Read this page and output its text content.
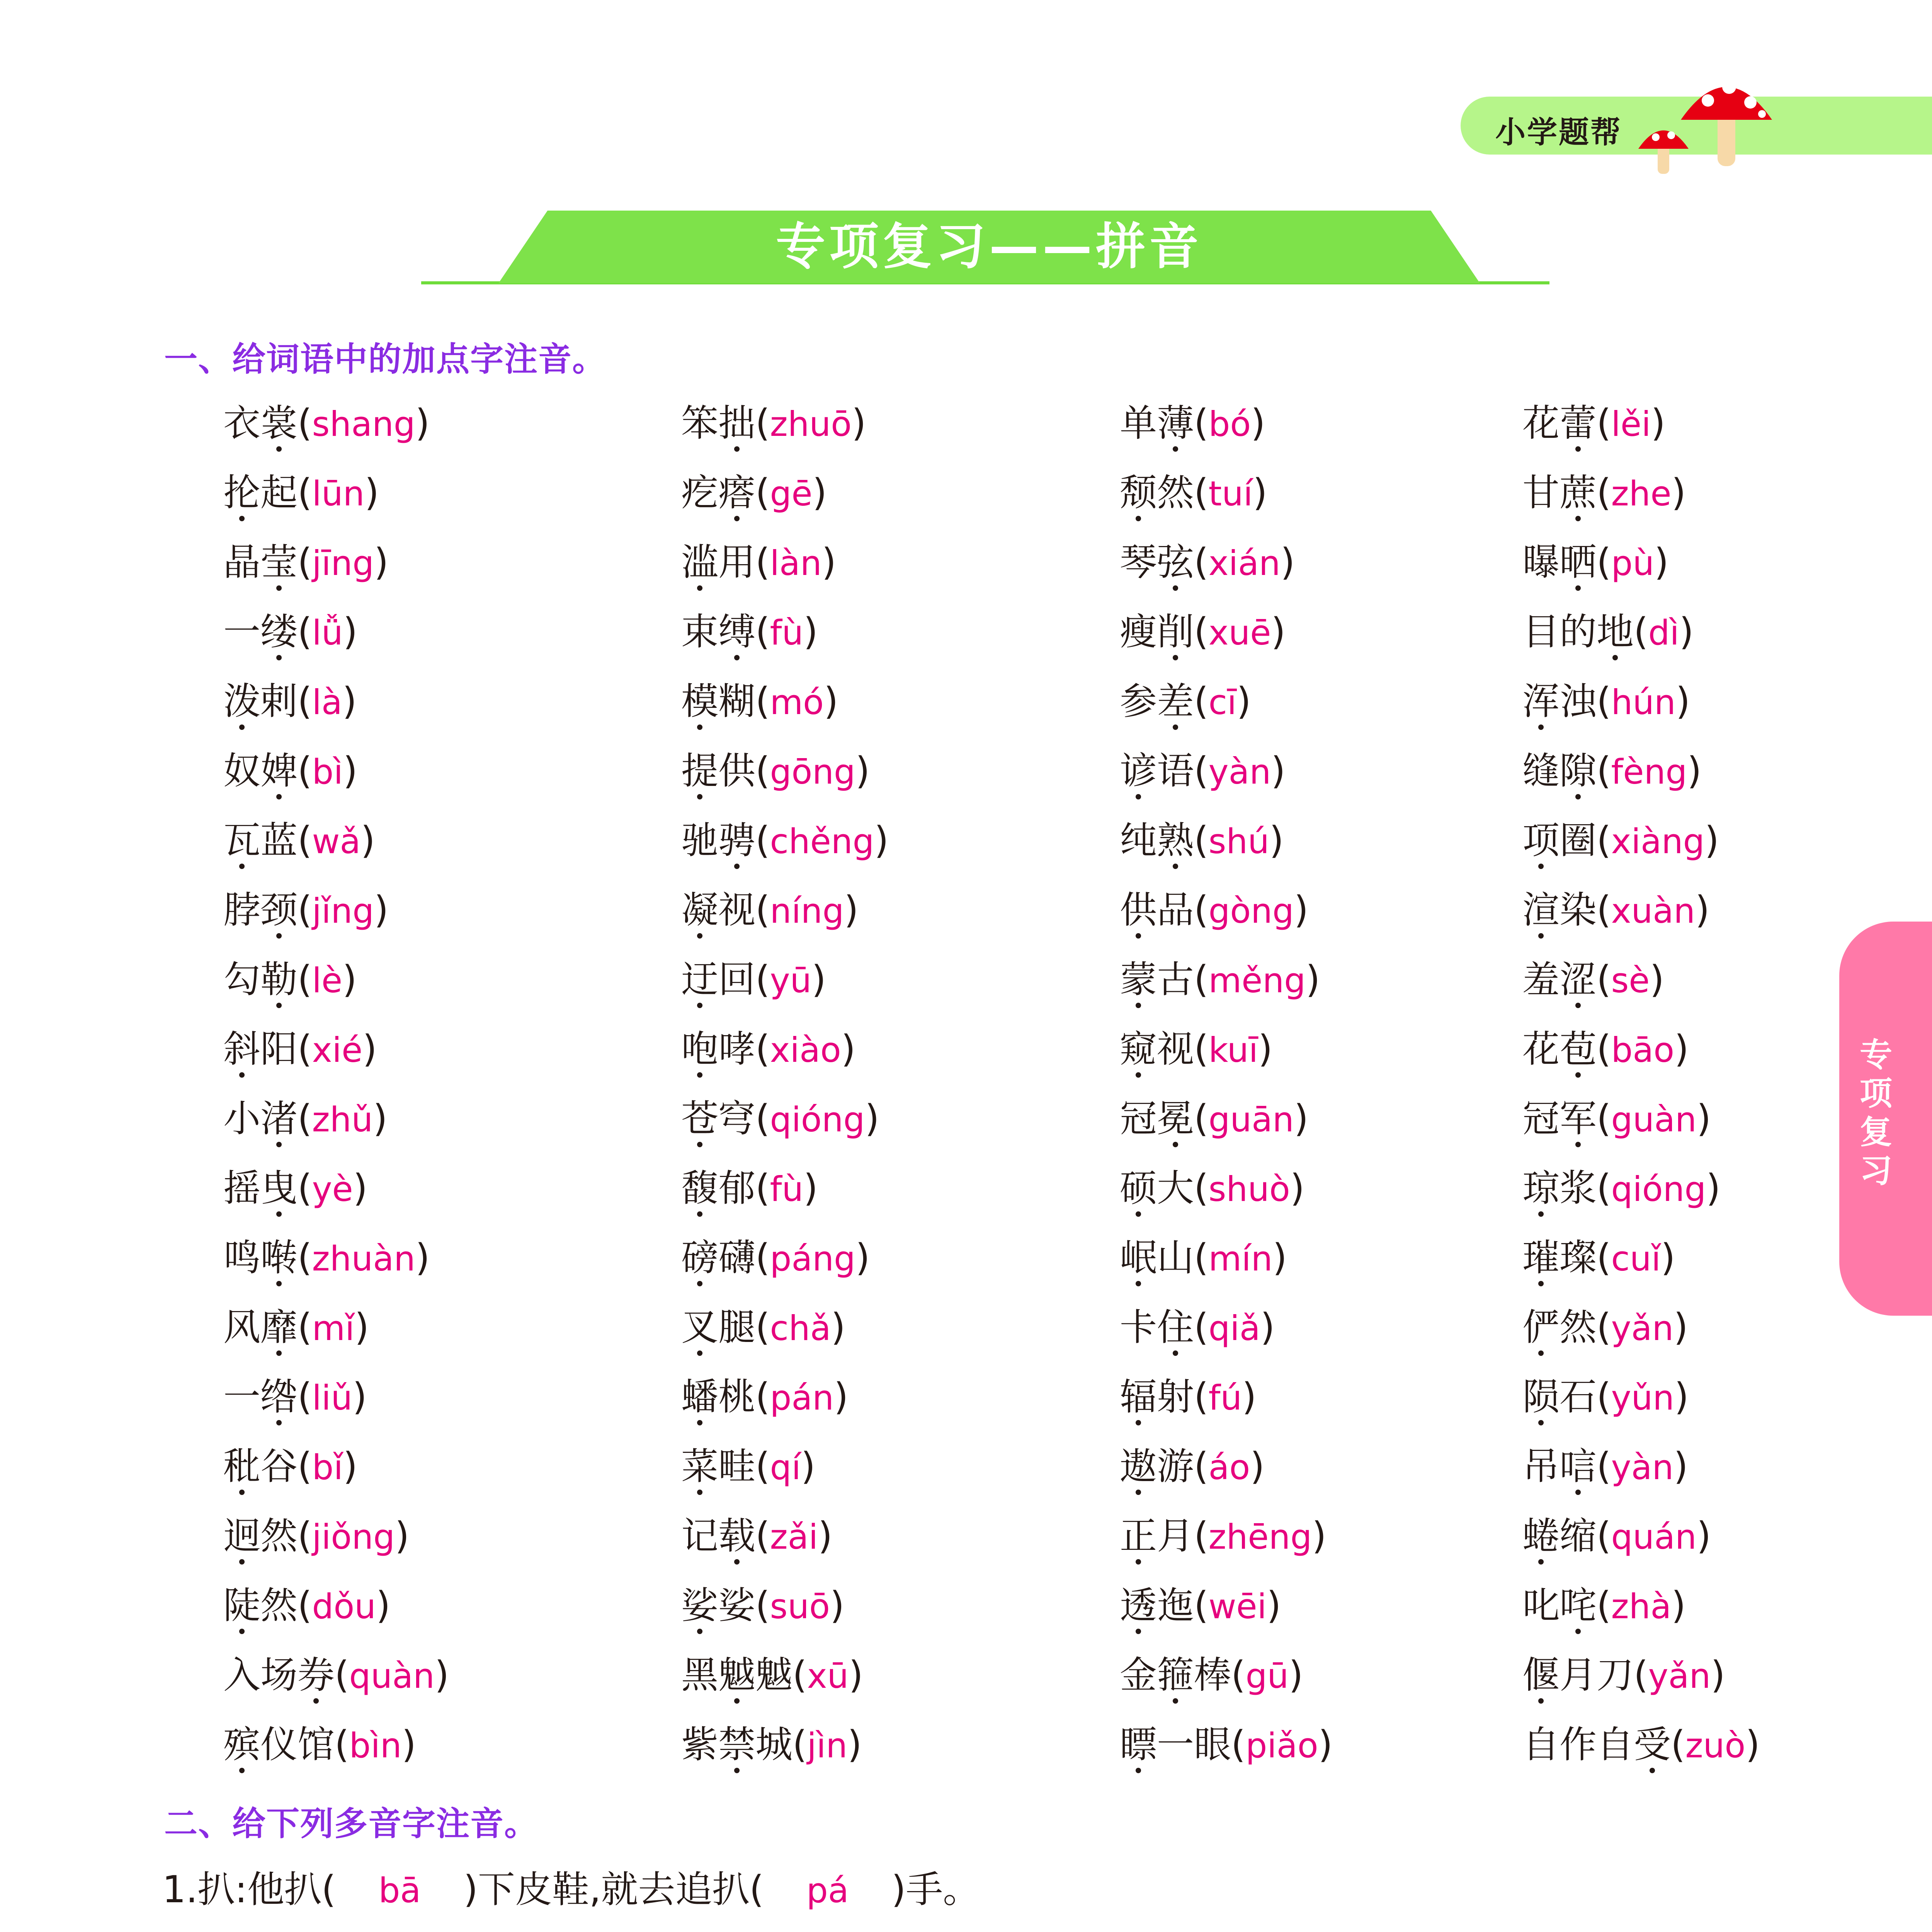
小学题帮
专项复习——拼音
专项复习
一、给词语中的加点字注音。
衣裳(shang)
抡起(lūn)
晶莹(jīng)
一缕(lǚ)
泼剌(là)
奴婢(bì)
瓦蓝(wǎ)
脖颈(jǐng)
勾勒(lè)
斜阳(xié)
小渚(zhǔ)
摇曳(yè)
鸣啭(zhuàn)
风靡(mǐ)
一绺(liǔ)
秕谷(bǐ)
迥然(jiǒng)
陡然(dǒu)
入场券(quàn)
殡仪馆(bìn)
笨拙(zhuō)
疙瘩(gē)
滥用(làn)
束缚(fù)
模糊(mó)
提供(gōng)
驰骋(chěng)
凝视(níng)
迂回(yū)
咆哮(xiào)
苍穹(qióng)
馥郁(fù)
磅礴(páng)
叉腿(chǎ)
蟠桃(pán)
菜畦(qí)
记载(zǎi)
娑娑(suō)
黑魆魆(xū)
紫禁城(jìn)
单薄(bó)
颓然(tuí)
琴弦(xián)
瘦削(xuē)
参差(cī)
谚语(yàn)
纯熟(shú)
供品(gòng)
蒙古(měng)
窥视(kuī)
冠冕(guān)
硕大(shuò)
岷山(mín)
卡住(qiǎ)
辐射(fú)
遨游(áo)
正月(zhēng)
透迤(wēi)
金箍棒(gū)
瞟一眼(piǎo)
花蕾(lěi)
甘蔗(zhe)
曝晒(pù)
目的地(dì)
浑浊(hún)
缝隙(fèng)
项圈(xiàng)
渲染(xuàn)
羞涩(sè)
花苞(bāo)
冠军(guàn)
琼浆(qióng)
璀璨(cuǐ)
俨然(yǎn)
陨石(yǔn)
吊唁(yàn)
蜷缩(quán)
叱咤(zhà)
偃月刀(yǎn)
自作自受(zuò)
二、给下列多音字注音。
1.扒:他扒( bā )下皮鞋,就去追扒( pá )手。
